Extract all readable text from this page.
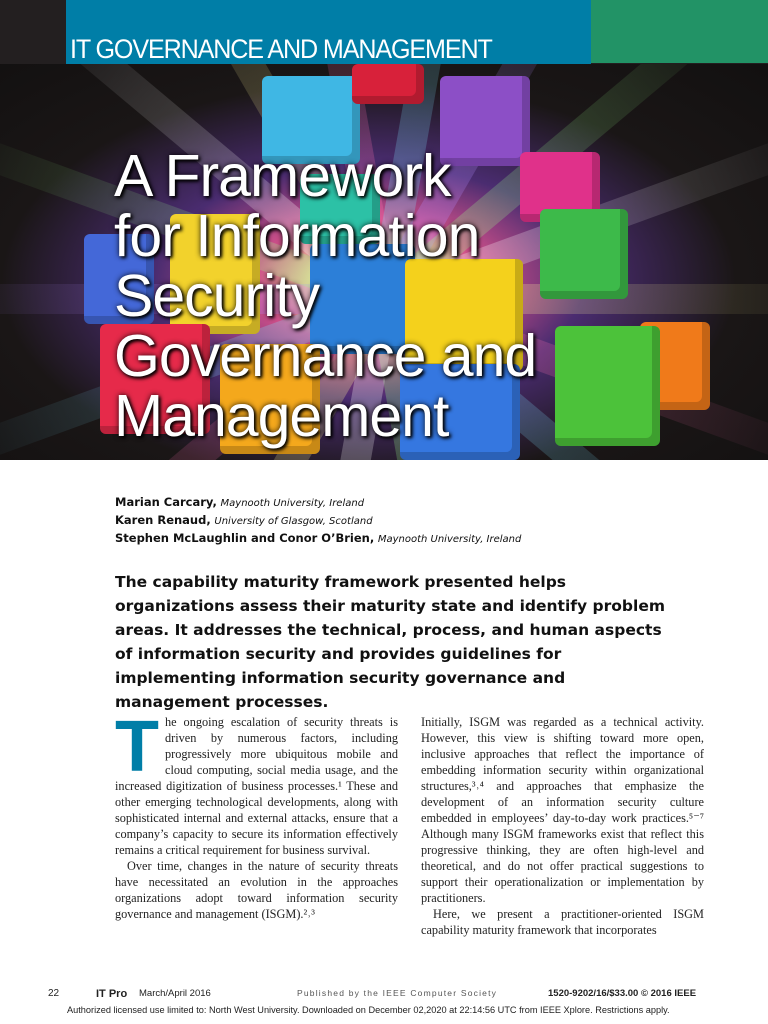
IT GOVERNANCE AND MANAGEMENT
A Framework
for Information
Security
Governance and
Management
Marian Carcary, Maynooth University, Ireland
Karen Renaud, University of Glasgow, Scotland
Stephen McLaughlin and Conor O’Brien, Maynooth University, Ireland
The capability maturity framework presented helps organizations assess their maturity state and identify problem areas. It addresses the technical, process, and human aspects of information security and provides guidelines for implementing information security governance and management processes.

The ongoing escalation of security threats is driven by numerous factors, including progressively more ubiquitous mobile and cloud computing, social media usage, and the increased digitization of business processes.¹ These and other emerging technological developments, along with sophisticated internal and external attacks, ensure that a company’s capacity to secure its information effectively remains a critical requirement for business survival.

Over time, changes in the nature of security threats have necessitated an evolution in the approaches organizations adopt toward information security governance and management (ISGM).²˒³

Initially, ISGM was regarded as a technical activity. However, this view is shifting toward more open, inclusive approaches that reflect the importance of embedding information security within organizational structures,³˒⁴ and approaches that emphasize the development of an information security culture embedded in employees’ day-to-day work practices.⁵⁻⁷ Although many ISGM frameworks exist that reflect this progressive thinking, they are often high-level and theoretical, and do not offer practical suggestions to support their operationalization or implementation by practitioners.

Here, we present a practitioner-oriented ISGM capability maturity framework that incorporates

22	IT Pro March/April 2016	Published by the IEEE Computer Society	1520-9202/16/$33.00 © 2016 IEEE
Authorized licensed use limited to: North West University. Downloaded on December 02,2020 at 22:14:56 UTC from IEEE Xplore. Restrictions apply.
